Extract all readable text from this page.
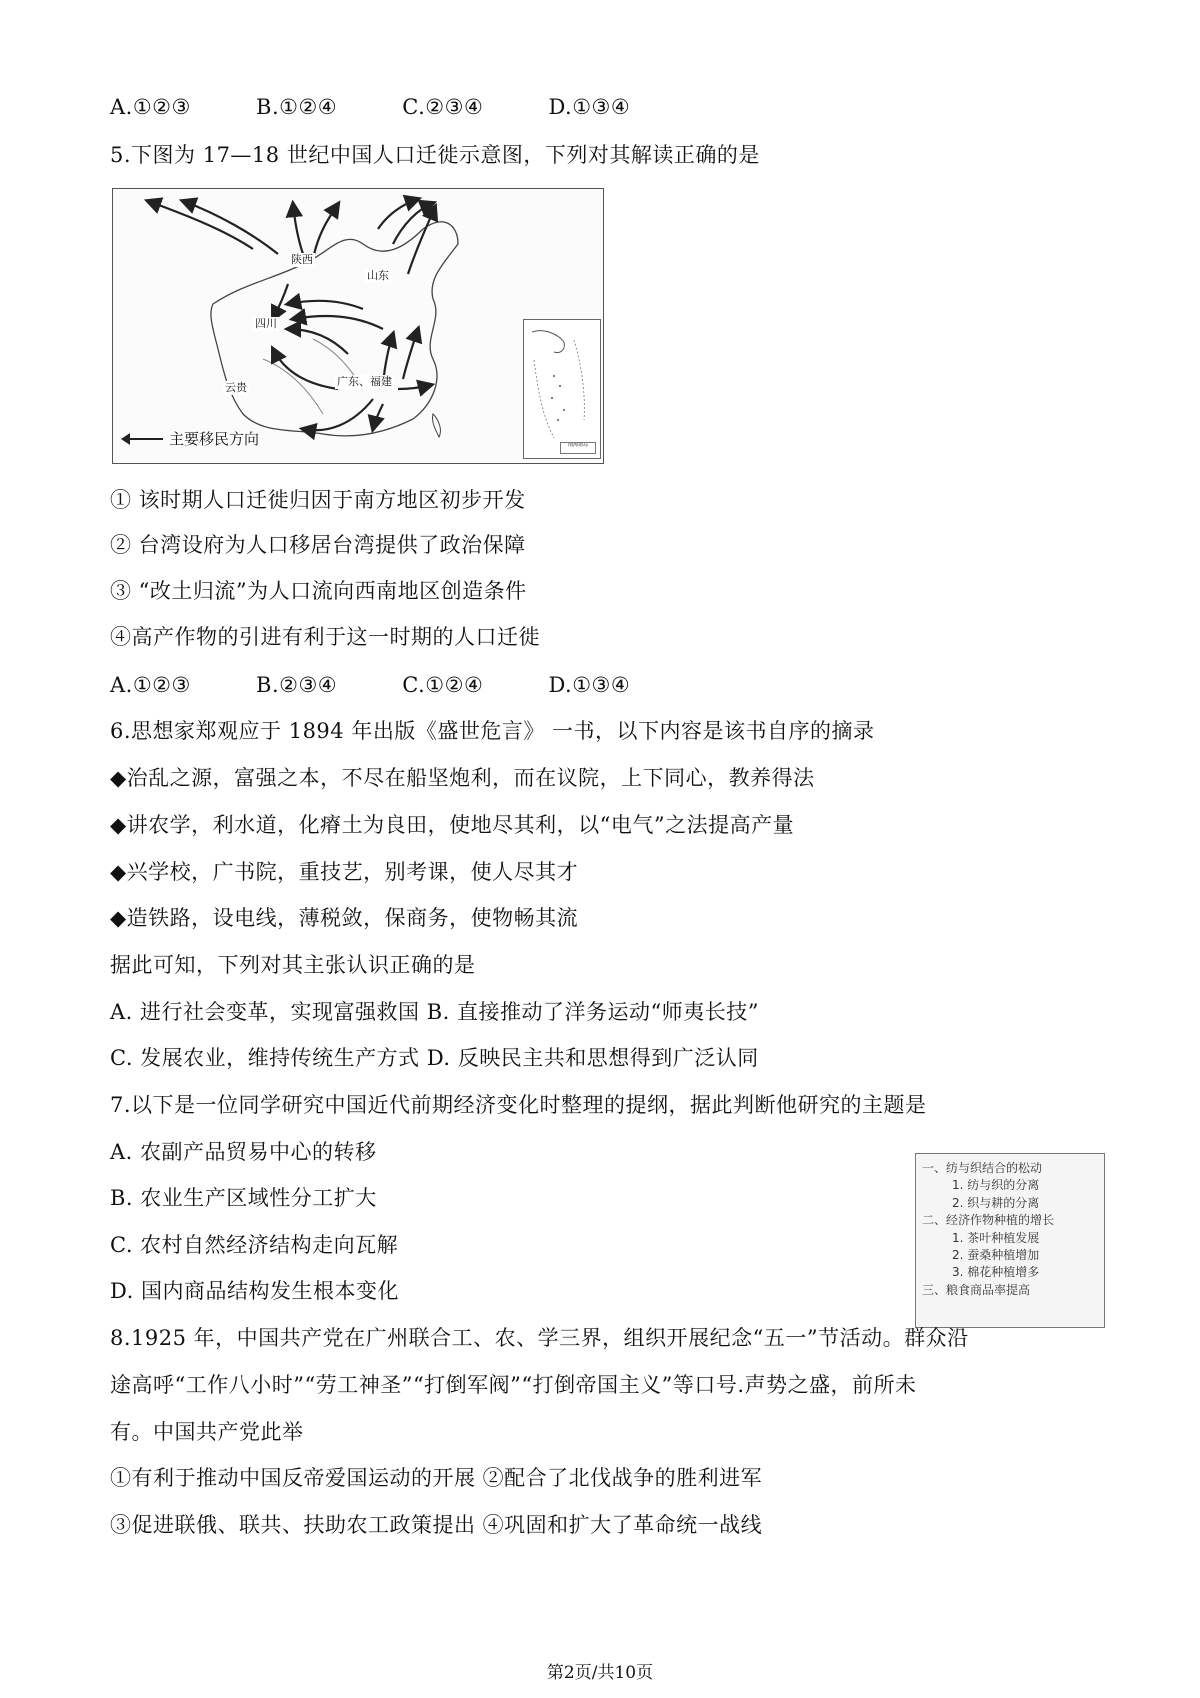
A.①②③	B.①②④	C.②③④	D.①③④
5.下图为 17—18 世纪中国人口迁徙示意图，下列对其解读正确的是
陕西
山东
四川
云贵	广东、福建
主要移民方向	南海诸岛
① 该时期人口迁徙归因于南方地区初步开发
② 台湾设府为人口移居台湾提供了政治保障
③ “改土归流”为人口流向西南地区创造条件
④高产作物的引进有利于这一时期的人口迁徙
A.①②③	B.②③④	C.①②④	D.①③④
6.思想家郑观应于 1894 年出版《盛世危言》 一书，以下内容是该书自序的摘录
◆治乱之源，富强之本，不尽在船坚炮利，而在议院，上下同心，教养得法
◆讲农学，利水道，化瘠土为良田，使地尽其利，以“电气”之法提高产量
◆兴学校，广书院，重技艺，别考课，使人尽其才
◆造铁路，设电线，薄税敛，保商务，使物畅其流
据此可知，下列对其主张认识正确的是
A. 进行社会变革，实现富强救国 B. 直接推动了洋务运动“师夷长技”
C. 发展农业，维持传统生产方式 D. 反映民主共和思想得到广泛认同
7.以下是一位同学研究中国近代前期经济变化时整理的提纲，据此判断他研究的主题是
A. 农副产品贸易中心的转移
B. 农业生产区域性分工扩大
C. 农村自然经济结构走向瓦解
D. 国内商品结构发生根本变化
一、纺与织结合的松动
1. 纺与织的分离
2. 织与耕的分离
二、经济作物种植的增长
1. 茶叶种植发展
2. 蚕桑种植增加
3. 棉花种植增多
三、粮食商品率提高
8.1925 年，中国共产党在广州联合工、农、学三界，组织开展纪念“五一”节活动。群众沿
途高呼“工作八小时”“劳工神圣”“打倒军阀”“打倒帝国主义”等口号.声势之盛，前所未
有。中国共产党此举
①有利于推动中国反帝爱国运动的开展 ②配合了北伐战争的胜利进军
③促进联俄、联共、扶助农工政策提出 ④巩固和扩大了革命统一战线
第2页/共10页
